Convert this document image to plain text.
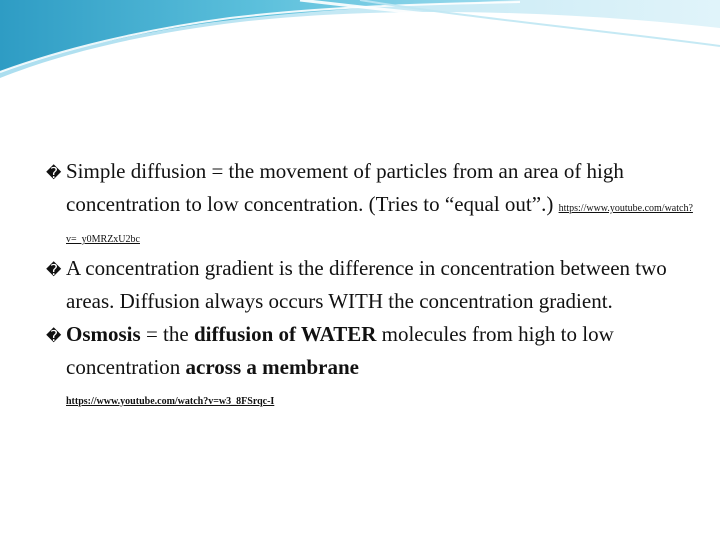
� Simple diffusion = the movement of particles from an area of high concentration to low concentration. (Tries to “equal out”.) https://www.youtube.com/watch?v=_y0MRZxU2bc

� A concentration gradient is the difference in concentration between two areas. Diffusion always occurs WITH the concentration gradient.

� Osmosis = the diffusion of WATER molecules from high to low concentration across a membrane

https://www.youtube.com/watch?v=w3_8FSrqc-I
